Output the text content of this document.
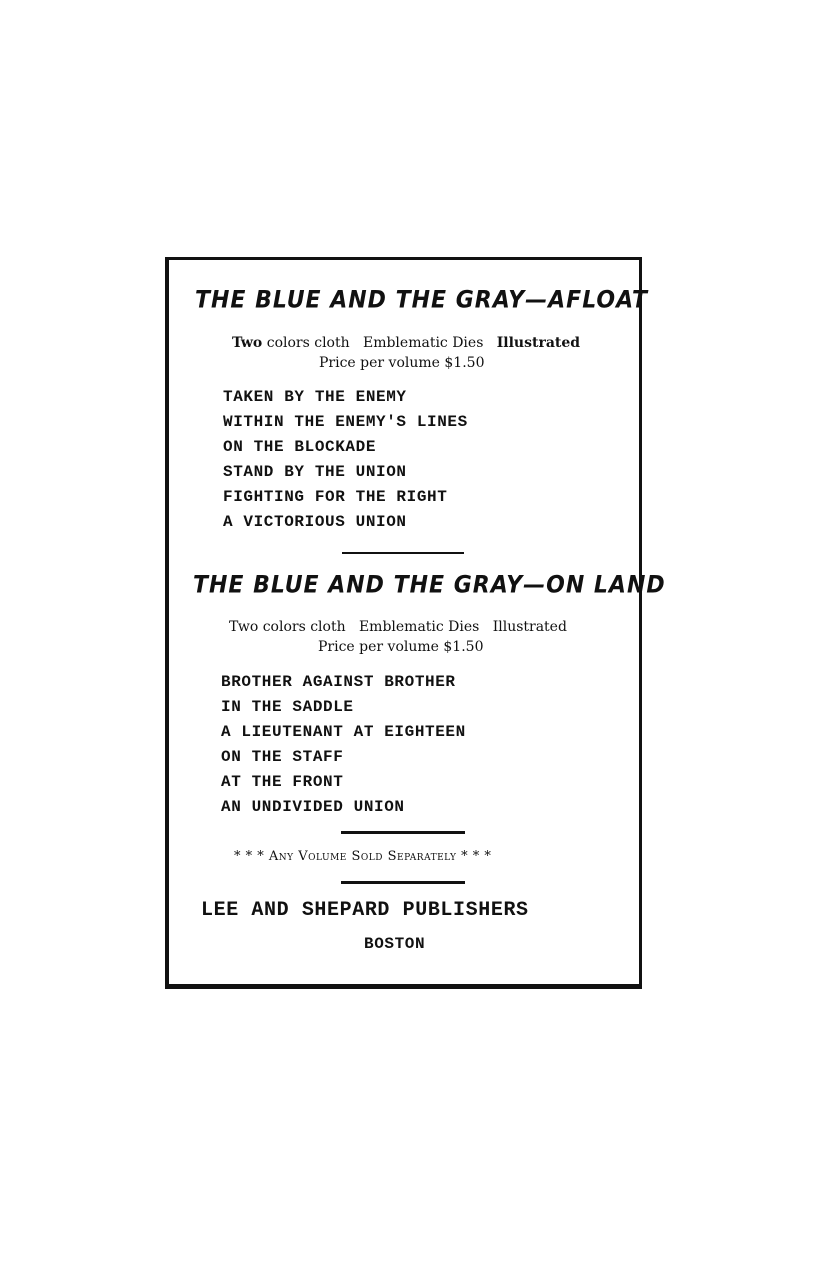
THE BLUE AND THE GRAY—AFLOAT
Two colors cloth   Emblematic Dies   Illustrated
Price per volume $1.50
TAKEN BY THE ENEMY
WITHIN THE ENEMY'S LINES
ON THE BLOCKADE
STAND BY THE UNION
FIGHTING FOR THE RIGHT
A VICTORIOUS UNION
THE BLUE AND THE GRAY—ON LAND
Two colors cloth   Emblematic Dies   Illustrated
Price per volume $1.50
BROTHER AGAINST BROTHER
IN THE SADDLE
A LIEUTENANT AT EIGHTEEN
ON THE STAFF
AT THE FRONT
AN UNDIVIDED UNION
* * * Any Volume Sold Separately * * *
LEE AND SHEPARD PUBLISHERS
BOSTON
